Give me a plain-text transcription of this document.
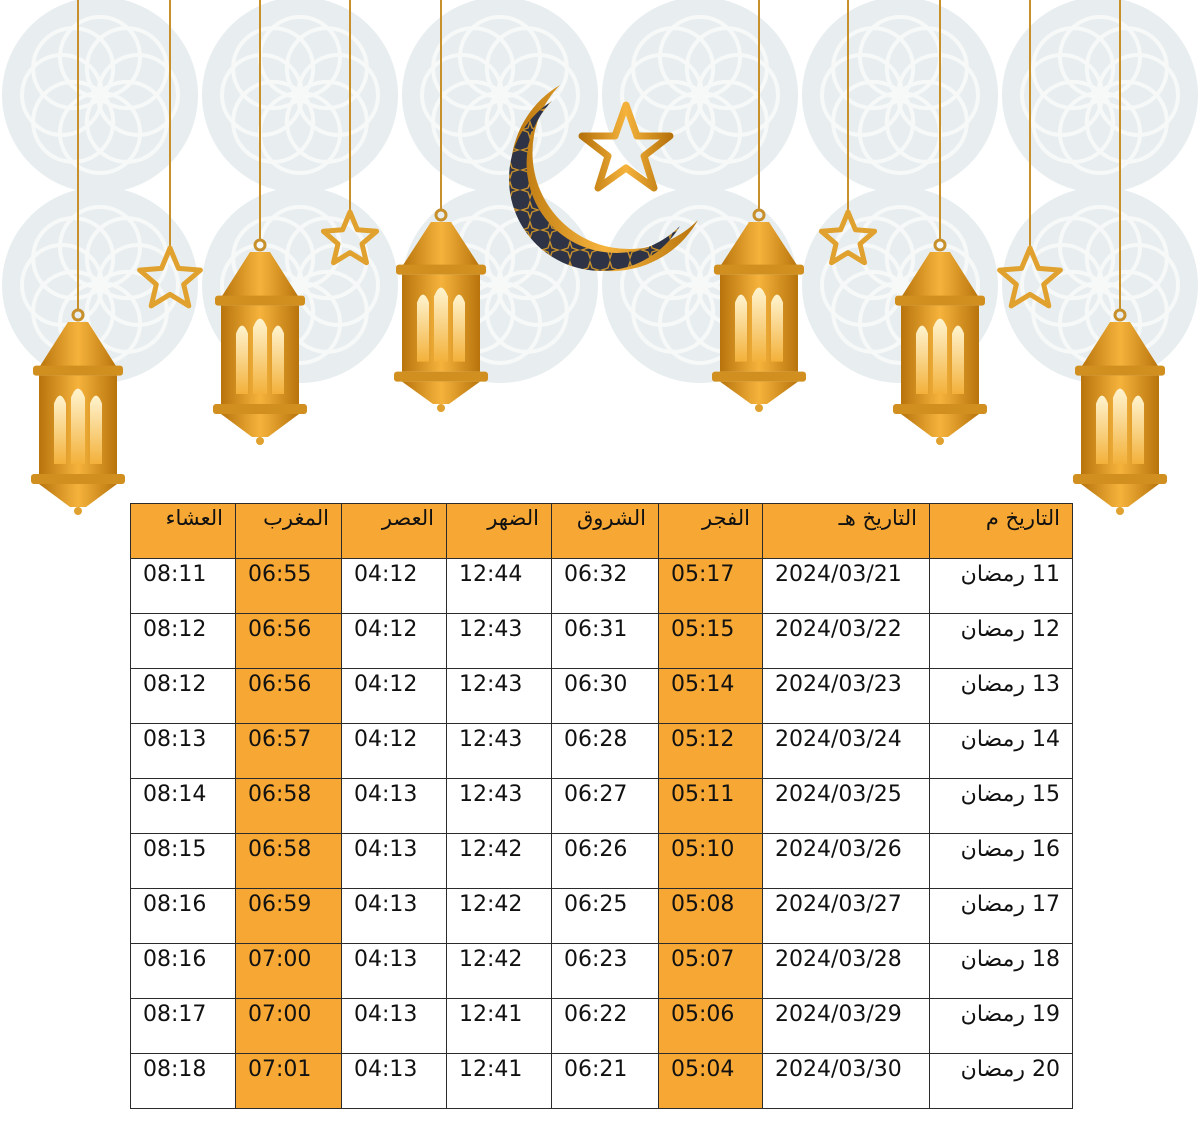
التاريخ م	التاريخ هـ	الفجر	الشروق	الضهر	العصر	المغرب	العشاء
11 رمضان	2024/03/21	05:17	06:32	12:44	04:12	06:55	08:11
12 رمضان	2024/03/22	05:15	06:31	12:43	04:12	06:56	08:12
13 رمضان	2024/03/23	05:14	06:30	12:43	04:12	06:56	08:12
14 رمضان	2024/03/24	05:12	06:28	12:43	04:12	06:57	08:13
15 رمضان	2024/03/25	05:11	06:27	12:43	04:13	06:58	08:14
16 رمضان	2024/03/26	05:10	06:26	12:42	04:13	06:58	08:15
17 رمضان	2024/03/27	05:08	06:25	12:42	04:13	06:59	08:16
18 رمضان	2024/03/28	05:07	06:23	12:42	04:13	07:00	08:16
19 رمضان	2024/03/29	05:06	06:22	12:41	04:13	07:00	08:17
20 رمضان	2024/03/30	05:04	06:21	12:41	04:13	07:01	08:18
